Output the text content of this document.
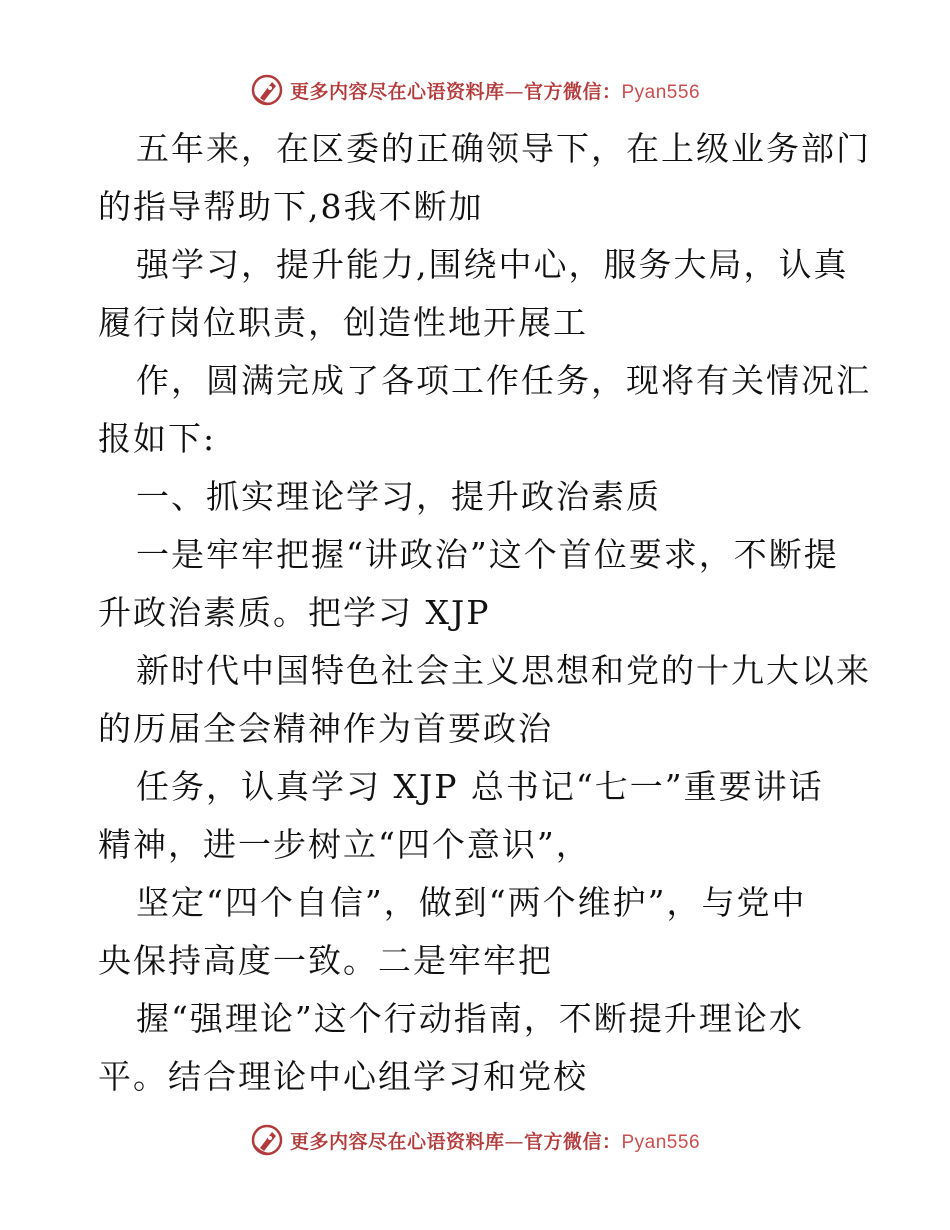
更多内容尽在心语资料库—官方微信：Pyan556
五年来，在区委的正确领导下，在上级业务部门
的指导帮助下,8我不断加
强学习，提升能力,围绕中心，服务大局，认真
履行岗位职责，创造性地开展工
作，圆满完成了各项工作任务，现将有关情况汇
报如下:
一、抓实理论学习，提升政治素质
一是牢牢把握“讲政治”这个首位要求，不断提
升政治素质。把学习 XJP
新时代中国特色社会主义思想和党的十九大以来
的历届全会精神作为首要政治
任务，认真学习 XJP 总书记“七一”重要讲话
精神，进一步树立“四个意识”，
坚定“四个自信”，做到“两个维护”，与党中
央保持高度一致。二是牢牢把
握“强理论”这个行动指南，不断提升理论水
平。结合理论中心组学习和党校
更多内容尽在心语资料库—官方微信：Pyan556
